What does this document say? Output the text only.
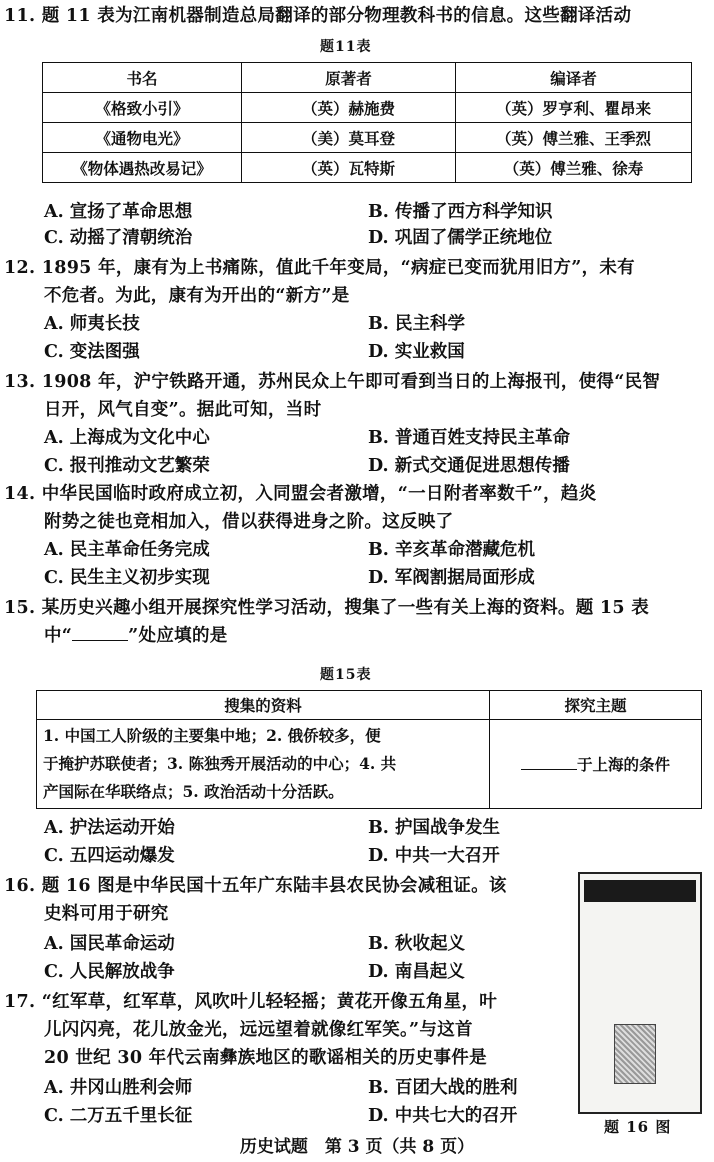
11. 题 11 表为江南机器制造总局翻译的部分物理教科书的信息。这些翻译活动
题11表
书名	原著者	编译者
《格致小引》	（英）赫施费	（英）罗亨利、瞿昂来
《通物电光》	（美）莫耳登	（英）傅兰雅、王季烈
《物体遇热改易记》	（英）瓦特斯	（英）傅兰雅、徐寿
A. 宣扬了革命思想	B. 传播了西方科学知识
C. 动摇了清朝统治	D. 巩固了儒学正统地位
12. 1895 年，康有为上书痛陈，值此千年变局，“病症已变而犹用旧方”，未有
不危者。为此，康有为开出的“新方”是
A. 师夷长技	B. 民主科学
C. 变法图强	D. 实业救国
13. 1908 年，沪宁铁路开通，苏州民众上午即可看到当日的上海报刊，使得“民智
日开，风气自变”。据此可知，当时
A. 上海成为文化中心	B. 普通百姓支持民主革命
C. 报刊推动文艺繁荣	D. 新式交通促进思想传播
14. 中华民国临时政府成立初，入同盟会者激增，“一日附者率数千”，趋炎
附势之徒也竞相加入，借以获得进身之阶。这反映了
A. 民主革命任务完成	B. 辛亥革命潜藏危机
C. 民生主义初步实现	D. 军阀割据局面形成
15. 某历史兴趣小组开展探究性学习活动，搜集了一些有关上海的资料。题 15 表
中“	”处应填的是
题15表
搜集的资料	探究主题

1. 中国工人阶级的主要集中地；2. 俄侨较多，便
于掩护苏联使者；3. 陈独秀开展活动的中心；4. 共
产国际在华联络点；5. 政治活动十分活跃。	于上海的条件
A. 护法运动开始	B. 护国战争发生
C. 五四运动爆发	D. 中共一大召开
16. 题 16 图是中华民国十五年广东陆丰县农民协会减租证。该
史料可用于研究
A. 国民革命运动	B. 秋收起义
C. 人民解放战争	D. 南昌起义
题 16 图
17. “红军草，红军草，风吹叶儿轻轻摇；黄花开像五角星，叶
儿闪闪亮，花儿放金光，远远望着就像红军笑。”与这首
20 世纪 30 年代云南彝族地区的歌谣相关的历史事件是
A. 井冈山胜利会师	B. 百团大战的胜利
C. 二万五千里长征	D. 中共七大的召开
历史试题　第 3 页（共 8 页）
